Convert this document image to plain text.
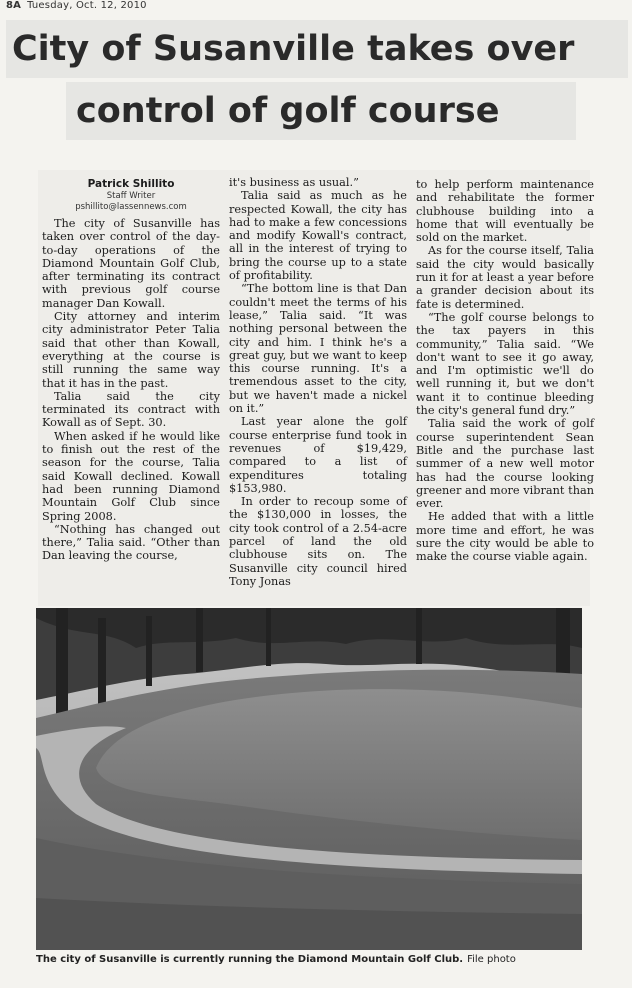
8A Tuesday, Oct. 12, 2010
City of Susanville takes over
control of golf course
Patrick Shillito
Staff Writer
pshillito@lassennews.com

The city of Susanville has taken over control of the day-to-day operations of the Diamond Mountain Golf Club, after terminating its contract with previous golf course manager Dan Kowall.

City attorney and interim city administrator Peter Talia said that other than Kowall, everything at the course is still running the same way that it has in the past.

Talia said the city terminated its contract with Kowall as of Sept. 30.

When asked if he would like to finish out the rest of the season for the course, Talia said Kowall declined. Kowall had been running Diamond Mountain Golf Club since Spring 2008.

“Nothing has changed out there,” Talia said. “Other than Dan leaving the course,

it's business as usual.”

Talia said as much as he respected Kowall, the city has had to make a few concessions and modify Kowall's contract, all in the interest of trying to bring the course up to a state of profitability.

“The bottom line is that Dan couldn't meet the terms of his lease,” Talia said. “It was nothing personal between the city and him. I think he's a great guy, but we want to keep this course running. It's a tremendous asset to the city, but we haven't made a nickel on it.”

Last year alone the golf course enterprise fund took in revenues of $19,429, compared to a list of expenditures totaling $153,980.

In order to recoup some of the $130,000 in losses, the city took control of a 2.54-acre parcel of land the old clubhouse sits on. The Susanville city council hired Tony Jonas

to help perform maintenance and rehabilitate the former clubhouse building into a home that will eventually be sold on the market.

As for the course itself, Talia said the city would basically run it for at least a year before a grander decision about its fate is determined.

“The golf course belongs to the tax payers in this community,” Talia said. “We don't want to see it go away, and I'm optimistic we'll do well running it, but we don't want it to continue bleeding the city's general fund dry.”

Talia said the work of golf course superintendent Sean Bitle and the purchase last summer of a new well motor has had the course looking greener and more vibrant than ever.

He added that with a little more time and effort, he was sure the city would be able to make the course viable again.

The city of Susanville is currently running the Diamond Mountain Golf Club. File photo
